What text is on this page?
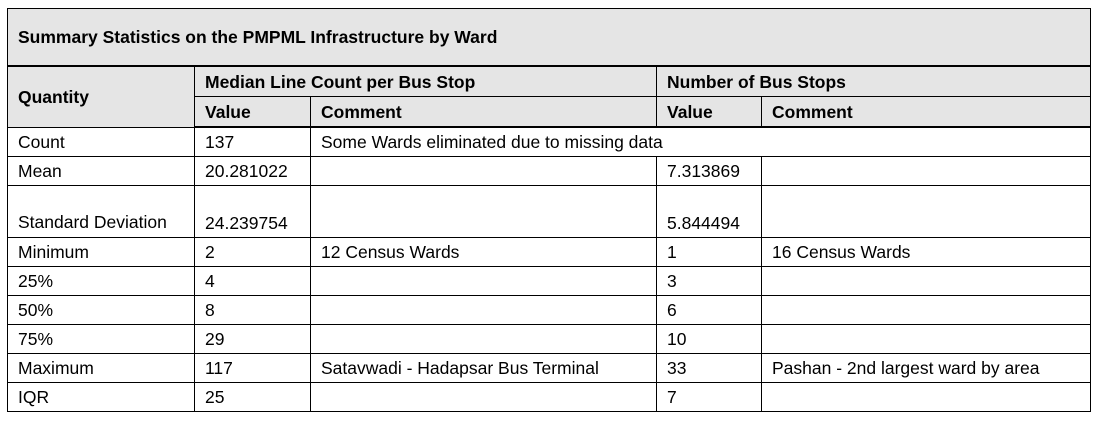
Summary Statistics on the PMPML Infrastructure by Ward				
Quantity	Median Line Count per Bus Stop		Number of Bus Stops	
	Value	Comment	Value	Comment
Count	137	Some Wards eliminated due to missing data		
Mean	20.281022		7.313869	
Standard Deviation	24.239754		5.844494	
Minimum	2	12 Census Wards	1	16 Census Wards
25%	4		3	
50%	8		6	
75%	29		10	
Maximum	117	Satavwadi - Hadapsar Bus Terminal	33	Pashan - 2nd largest ward by area
IQR	25		7	
